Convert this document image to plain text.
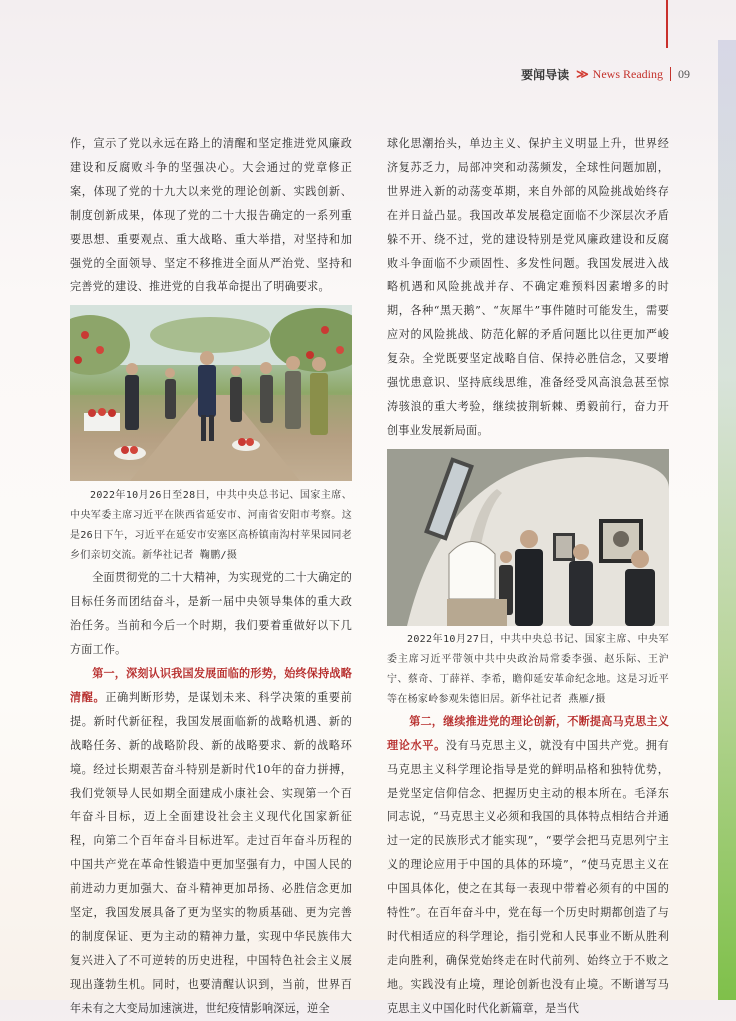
要闻导读 ≫ News Reading 09

作，宣示了党以永远在路上的清醒和坚定推进党风廉政建设和反腐败斗争的坚强决心。大会通过的党章修正案，体现了党的十九大以来党的理论创新、实践创新、制度创新成果，体现了党的二十大报告确定的一系列重要思想、重要观点、重大战略、重大举措，对坚持和加强党的全面领导、坚定不移推进全面从严治党、坚持和完善党的建设、推进党的自我革命提出了明确要求。

2022年10月26日至28日，中共中央总书记、国家主席、中央军委主席习近平在陕西省延安市、河南省安阳市考察。这是26日下午，习近平在延安市安塞区高桥镇南沟村苹果园同老乡们亲切交流。新华社记者 鞠鹏/摄

全面贯彻党的二十大精神，为实现党的二十大确定的目标任务而团结奋斗，是新一届中央领导集体的重大政治任务。当前和今后一个时期，我们要着重做好以下几方面工作。

第一，深刻认识我国发展面临的形势，始终保持战略清醒。正确判断形势，是谋划未来、科学决策的重要前提。新时代新征程，我国发展面临新的战略机遇、新的战略任务、新的战略阶段、新的战略要求、新的战略环境。经过长期艰苦奋斗特别是新时代10年的奋力拼搏，我们党领导人民如期全面建成小康社会、实现第一个百年奋斗目标，迈上全面建设社会主义现代化国家新征程，向第二个百年奋斗目标进军。走过百年奋斗历程的中国共产党在革命性锻造中更加坚强有力，中国人民的前进动力更加强大、奋斗精神更加昂扬、必胜信念更加坚定，我国发展具备了更为坚实的物质基础、更为完善的制度保证、更为主动的精神力量，实现中华民族伟大复兴进入了不可逆转的历史进程，中国特色社会主义展现出蓬勃生机。同时，也要清醒认识到，当前，世界百年未有之大变局加速演进，世纪疫情影响深远，逆全

球化思潮抬头，单边主义、保护主义明显上升，世界经济复苏乏力，局部冲突和动荡频发，全球性问题加剧，世界进入新的动荡变革期，来自外部的风险挑战始终存在并日益凸显。我国改革发展稳定面临不少深层次矛盾躲不开、绕不过，党的建设特别是党风廉政建设和反腐败斗争面临不少顽固性、多发性问题。我国发展进入战略机遇和风险挑战并存、不确定难预料因素增多的时期，各种“黑天鹅”、“灰犀牛”事件随时可能发生，需要应对的风险挑战、防范化解的矛盾问题比以往更加严峻复杂。全党既要坚定战略自信、保持必胜信念，又要增强忧患意识、坚持底线思维，准备经受风高浪急甚至惊涛骇浪的重大考验，继续披荆斩棘、勇毅前行，奋力开创事业发展新局面。

2022年10月27日，中共中央总书记、国家主席、中央军委主席习近平带领中共中央政治局常委李强、赵乐际、王沪宁、蔡奇、丁薛祥、李希，瞻仰延安革命纪念地。这是习近平等在杨家岭参观朱德旧居。新华社记者 燕雁/摄

第二，继续推进党的理论创新，不断提高马克思主义理论水平。没有马克思主义，就没有中国共产党。拥有马克思主义科学理论指导是党的鲜明品格和独特优势，是党坚定信仰信念、把握历史主动的根本所在。毛泽东同志说，“马克思主义必须和我国的具体特点相结合并通过一定的民族形式才能实现”，“要学会把马克思列宁主义的理论应用于中国的具体的环境”，“使马克思主义在中国具体化，使之在其每一表现中带着必须有的中国的特性”。在百年奋斗中，党在每一个历史时期都创造了与时代相适应的科学理论，指引党和人民事业不断从胜利走向胜利，确保党始终走在时代前列、始终立于不败之地。实践没有止境，理论创新也没有止境。不断谱写马克思主义中国化时代化新篇章，是当代
